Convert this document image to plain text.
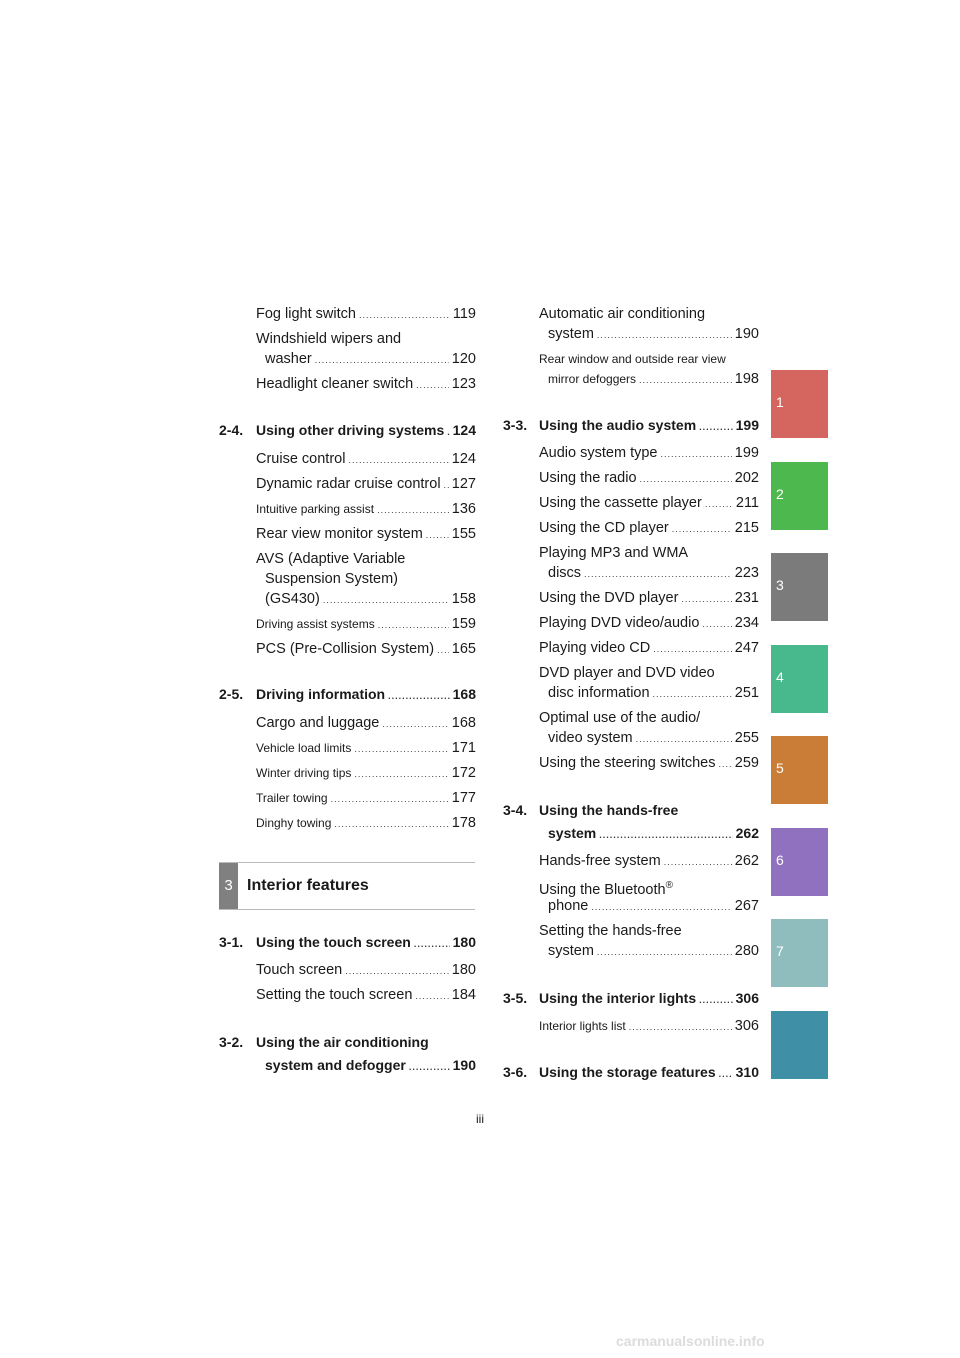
Fog light switch .....	119
Windshield wipers and
washer .....	120
Headlight cleaner switch .....	123
2-4. Using other driving systems ..... 124
Cruise control .....	124
Dynamic radar cruise control ..... 127
Intuitive parking assist .....	136
Rear view monitor system ..... 155
AVS (Adaptive Variable
Suspension System)
(GS430) .....	158
Driving assist systems .....	159
PCS (Pre-Collision System) ..... 165
2-5. Driving information .....	168
Cargo and luggage .....	168
Vehicle load limits .....	171
Winter driving tips .....	172
Trailer towing .....	177
Dinghy towing .....	178
3 Interior features
3-1. Using the touch screen .....	180
Touch screen .....	180
Setting the touch screen .....	184
3-2. Using the air conditioning
system and defogger .....	190
Automatic air conditioning
system .....	190
Rear window and outside rear view
mirror defoggers .....	198
3-3. Using the audio system .....	199
Audio system type .....	199
Using the radio .....	202
Using the cassette player ..... 211
Using the CD player .....	215
Playing MP3 and WMA
discs .....	223
Using the DVD player .....	231
Playing DVD video/audio ..... 234
Playing video CD .....	247
DVD player and DVD video
disc information .....	251
Optimal use of the audio/
video system .....	255
Using the steering switches ..... 259
3-4. Using the hands-free
system .....	262
Hands-free system .....	262
Using the Bluetooth®
phone .....	267
Setting the hands-free
system .....	280
3-5. Using the interior lights .....	306
Interior lights list .....	306
3-6. Using the storage features ..... 310
1
2
3
4
5
6
7
iii
carmanualsonline.info
